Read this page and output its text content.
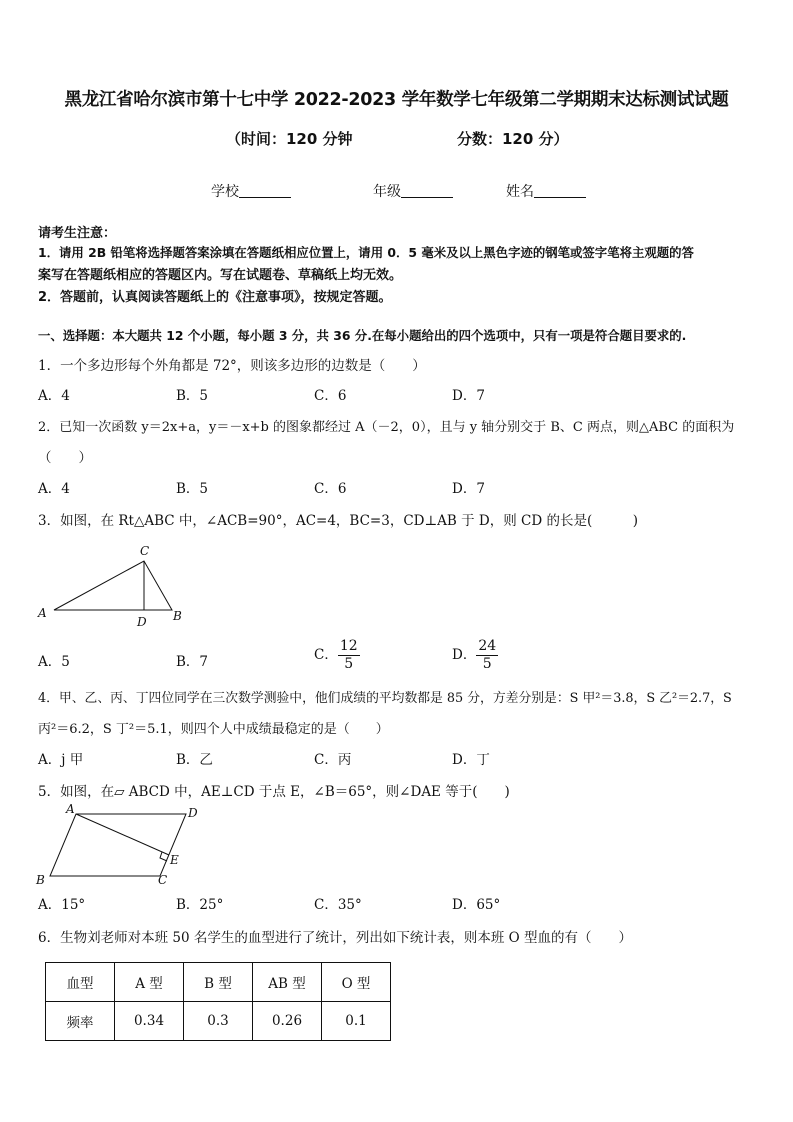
黑龙江省哈尔滨市第十七中学 2022-2023 学年数学七年级第二学期期末达标测试试题
（时间：120 分钟	分数：120 分）
学校	年级	姓名
请考生注意：
1．请用 2B 铅笔将选择题答案涂填在答题纸相应位置上，请用 0．5 毫米及以上黑色字迹的钢笔或签字笔将主观题的答
案写在答题纸相应的答题区内。写在试题卷、草稿纸上均无效。
2．答题前，认真阅读答题纸上的《注意事项》，按规定答题。
一、选择题：本大题共 12 个小题，每小题 3 分，共 36 分.在每小题给出的四个选项中，只有一项是符合题目要求的.
1．一个多边形每个外角都是 72°，则该多边形的边数是（　　）
A．4	B．5	C．6	D．7
2．已知一次函数 y＝2x+a，y＝－x+b 的图象都经过 A（－2，0），且与 y 轴分别交于 B、C 两点，则△ABC 的面积为
（　　）
A．4	B．5	C．6	D．7
3．如图，在 Rt△ABC 中，∠ACB=90°，AC=4，BC=3，CD⊥AB 于 D，则 CD 的长是(　　　)
A
C
D B
A．5	B．7	C． $\frac{12}{5}$	D． $\frac{24}{5}$
4．甲、乙、丙、丁四位同学在三次数学测验中，他们成绩的平均数都是 85 分，方差分别是：S 甲²＝3.8，S 乙²＝2.7，S
丙²＝6.2，S 丁²＝5.1，则四个人中成绩最稳定的是（　　）
A．j 甲	B．乙	C．丙	D．丁
5．如图，在▱ ABCD 中，AE⊥CD 于点 E，∠B＝65°，则∠DAE 等于(　　)
A	D
E
B	C
A．15°	B．25°	C．35°	D．65°
6．生物刘老师对本班 50 名学生的血型进行了统计，列出如下统计表，则本班 O 型血的有（　　）
血型	A 型	B 型	AB 型	O 型
频率	0.34	0.3	0.26	0.1
